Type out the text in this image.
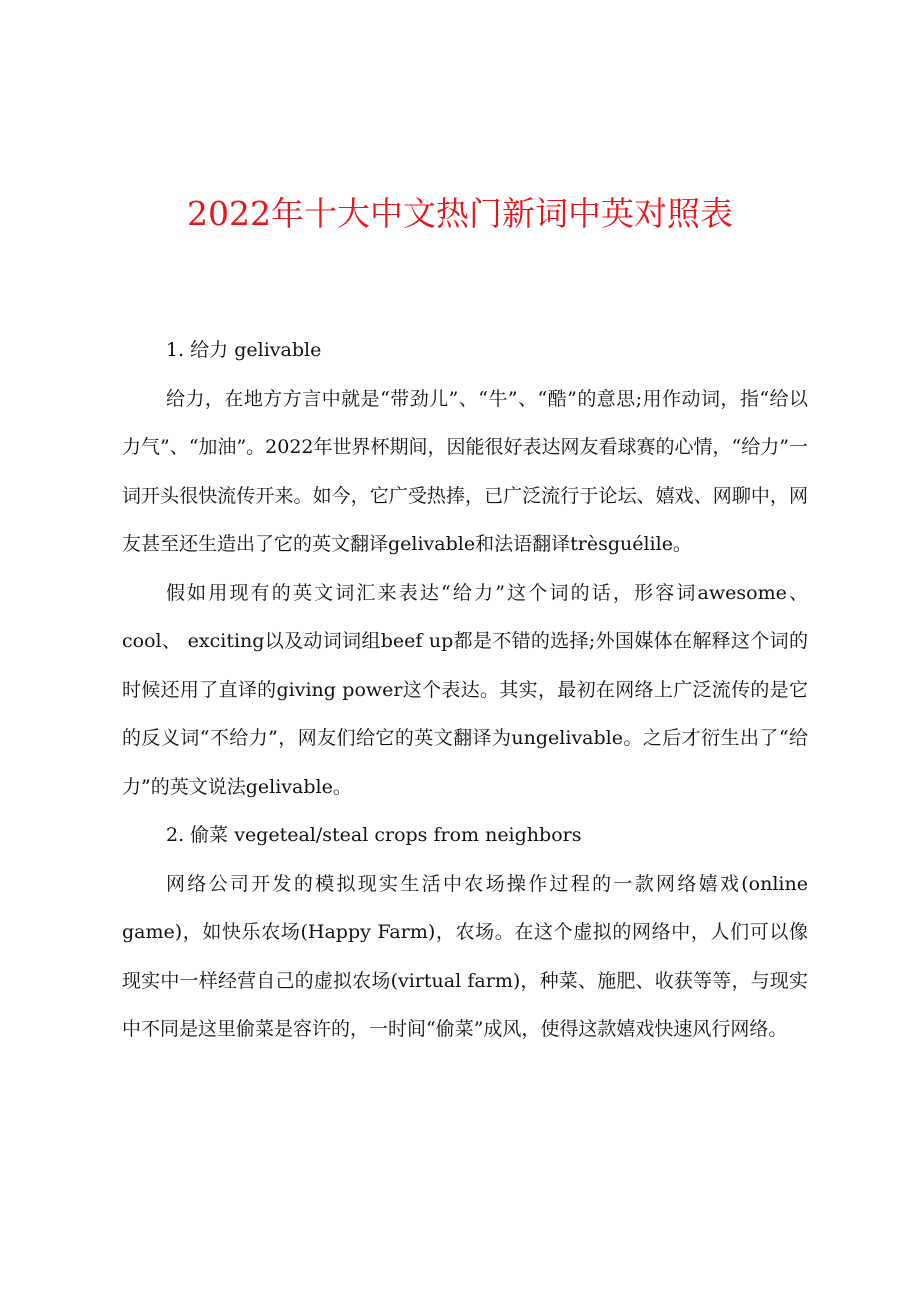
2022年十大中文热门新词中英对照表
1. 给力 gelivable
给力，在地方方言中就是“带劲儿”、“牛”、“酷”的意思;用作动词，指“给以力气”、“加油”。2022年世界杯期间，因能很好表达网友看球赛的心情，“给力”一词开头很快流传开来。如今，它广受热捧，已广泛流行于论坛、嬉戏、网聊中，网友甚至还生造出了它的英文翻译gelivable和法语翻译trèsguélile。
假如用现有的英文词汇来表达“给力”这个词的话，形容词awesome、cool、 exciting以及动词词组beef up都是不错的选择;外国媒体在解释这个词的时候还用了直译的giving power这个表达。其实，最初在网络上广泛流传的是它的反义词“不给力”，网友们给它的英文翻译为ungelivable。之后才衍生出了“给力”的英文说法gelivable。
2. 偷菜 vegeteal/steal crops from neighbors
网络公司开发的模拟现实生活中农场操作过程的一款网络嬉戏(online game)，如快乐农场(Happy Farm)，农场。在这个虚拟的网络中，人们可以像现实中一样经营自己的虚拟农场(virtual farm)，种菜、施肥、收获等等，与现实中不同是这里偷菜是容许的，一时间“偷菜”成风，使得这款嬉戏快速风行网络。
